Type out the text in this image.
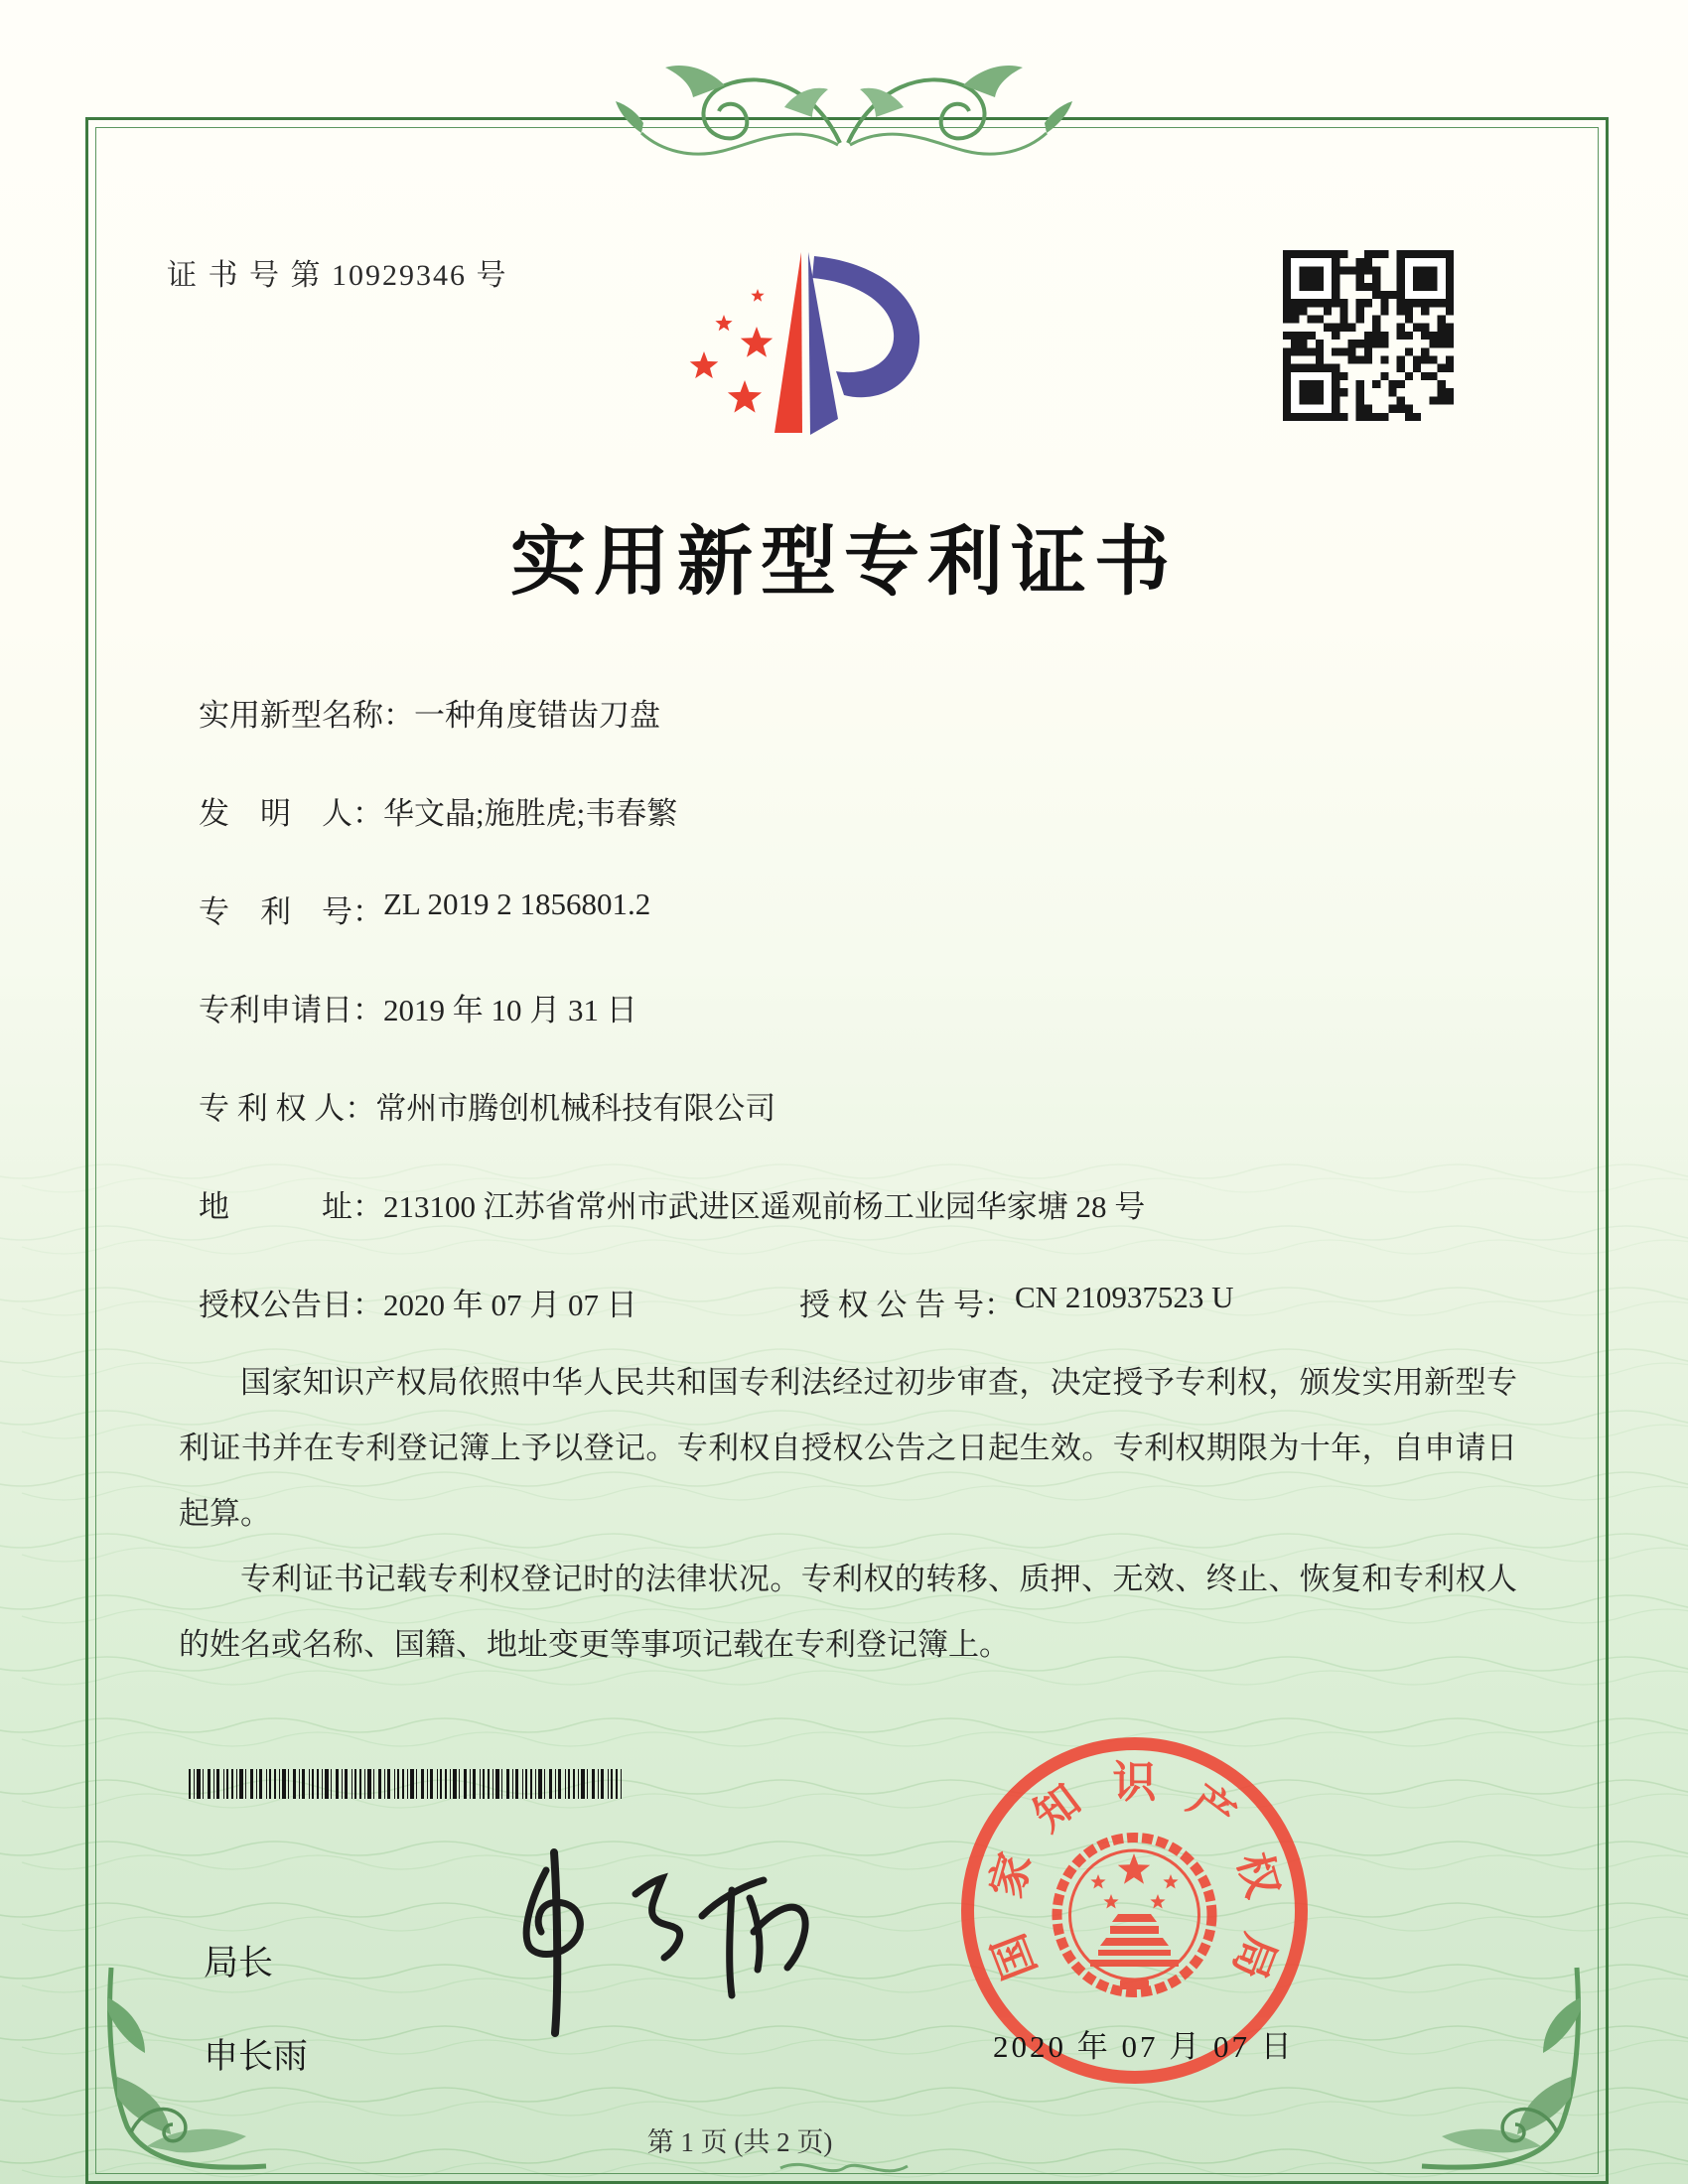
证 书 号 第 10929346 号
实用新型专利证书
实用新型名称： 一种角度错齿刀盘
发　明　人： 华文晶;施胜虎;韦春繁
专　利　号： ZL 2019 2 1856801.2
专利申请日： 2019 年 10 月 31 日
专 利 权 人： 常州市腾创机械科技有限公司
地　　　址： 213100 江苏省常州市武进区遥观前杨工业园华家塘 28 号
授权公告日： 2020 年 07 月 07 日	授 权 公 告 号： CN 210937523 U

国家知识产权局依照中华人民共和国专利法经过初步审查，决定授予专利权，颁发实用新型专利证书并在专利登记簿上予以登记。专利权自授权公告之日起生效。专利权期限为十年，自申请日起算。

专利证书记载专利权登记时的法律状况。专利权的转移、质押、无效、终止、恢复和专利权人的姓名或名称、国籍、地址变更等事项记载在专利登记簿上。

局长
申长雨
国
家
知 识 产
权
局
2020 年 07 月 07 日
第 1 页 (共 2 页)
